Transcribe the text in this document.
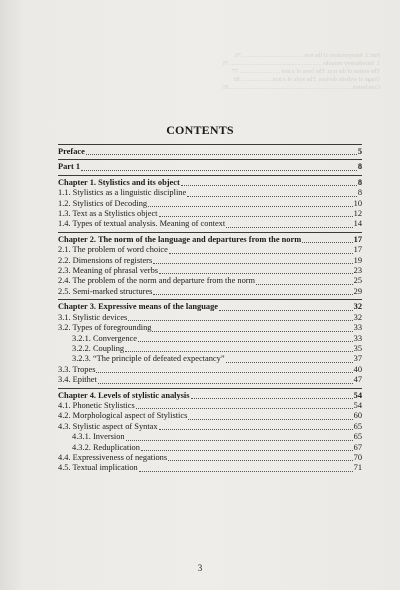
Part 3. Interpretation of the text ........................................ 76
1. Introductory remarks ............................................................. 76
The notion of the text. The form of a text ........................... 77
Usage of stylistic devices. The style of a text .................... 80
Conclusion ................................................................................. 85
CONTENTS
Preface	5
Part 1	8
Chapter 1. Stylistics and its object	8
1.1. Stylistics as a linguistic discipline	8
1.2. Stylistics of Decoding	10
1.3. Text as a Stylistics object	12
1.4. Types of textual analysis. Meaning of context	14
Chapter 2. The norm of the language and departures from the norm	17
2.1. The problem of word choice	17
2.2. Dimensions of registers	19
2.3. Meaning of phrasal verbs	23
2.4. The problem of the norm and departure from the norm	25
2.5. Semi-marked structures	29
Chapter 3. Expressive means of the language	32
3.1. Stylistic devices	32
3.2. Types of foregrounding	33
3.2.1. Convergence	33
3.2.2. Coupling	35
3.2.3. “The principle of defeated expectancy”	37
3.3. Tropes	40
3.4. Epithet	47
Chapter 4. Levels of stylistic analysis	54
4.1. Phonetic Stylistics	54
4.2. Morphological aspect of Stylistics	60
4.3. Stylistic aspect of Syntax	65
4.3.1. Inversion	65
4.3.2. Reduplication	67
4.4. Expressiveness of negations	70
4.5. Textual implication	71
3
